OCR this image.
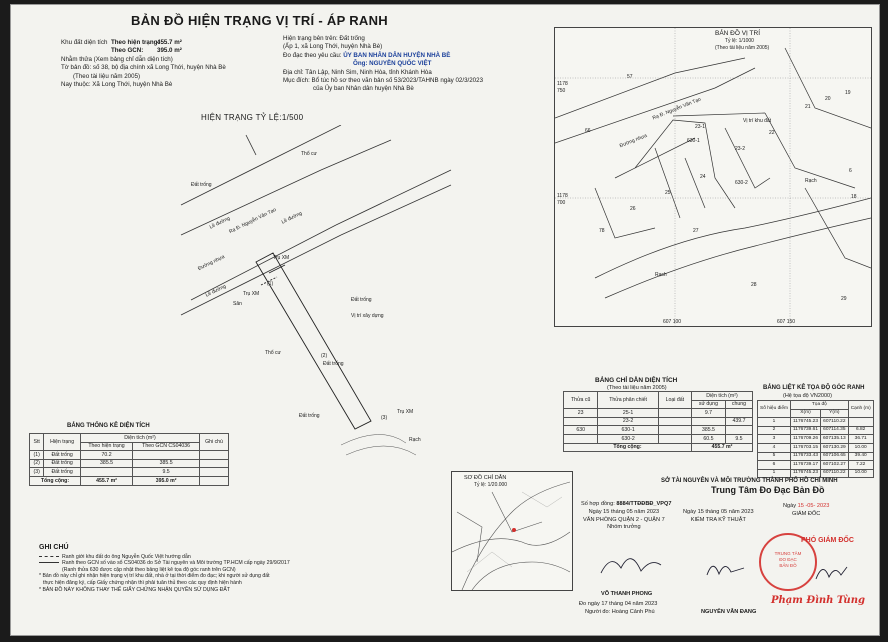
BẢN ĐỒ HIỆN TRẠNG VỊ TRÍ - ÁP RANH
Khu đất diện tích Theo hiện trạng:455.7 m²
Theo GCN: 395.0 m²
Nhằm thửa (Xem bảng chỉ dẫn diện tích)
Tờ bản đồ: số 38, bộ địa chính xã Long Thới, huyện Nhà Bè
(Theo tài liệu năm 2005)
Nay thuộc: Xã Long Thới, huyện Nhà Bè
Hiện trạng bên trên: Đất trống
(Ấp 1, xã Long Thới, huyện Nhà Bè)
Đo đạc theo yêu cầu: ỦY BAN NHÂN DÂN HUYỆN NHÀ BÈ
Ông: NGUYỄN QUỐC VIỆT
Địa chỉ: Tân Lập, Ninh Sim, Ninh Hòa, tỉnh Khánh Hòa
Mục đích: Bổ túc hồ sơ theo văn bản số 53/2023/TAHNB ngày 02/3/2023
của Ủy ban Nhân dân huyện Nhà Bè
HIỆN TRẠNG TỶ LỆ:1/500
Thổ cư
Đất trống
Lề đường
Rạ Đ. Nguyễn Văn Tạo Lề đường
Đường nhựa
Lề đường
Trụ XM
Trụ XM
Sân
Đất trống
Vị trí xây dựng
Thổ cư	(2)
Đất trống
Đất trống	(3)
Trụ XM
Rạch
(1)
BẢN ĐỒ VỊ TRÍ
Tỷ lệ: 1/1000
(Theo tài liệu năm 2005)
1178
750
1178
700
607 100	607 150
57
66
23-1
23-2
21
20
19
22
630-1
630-2
24
25
26
27
78
28
29
18
6
Rạch
Rạch
Đường nhựa
Rạ Đ. Nguyễn Văn Tạo	Vị trí khu đất
BẢNG CHỈ DẪN DIỆN TÍCH
(Theo tài liệu năm 2005)
Thửa cũ	Thửa phân chiết	Loại đất	Diện tích (m²)	
			sử dụng	chung
23	25-1		9.7	
	23-2			439.7
630	630-1		385.5	
	630-2		60.5	9.5
Tổng cộng:			455.7 m²	
BẢNG LIỆT KÊ TỌA ĐỘ GÓC RANH
(Hệ tọa độ VN2000)
Số hiệu điểm	Tọa độ		Cạnh (m)
	X(m)	Y(m)	
1	1176745.23	607110.22	
2	1176739.61	607114.35	6.82
3	1176709.26	607135.13	36.71
4	1176703.15	607130.29	10.00
5	1176733.43	607106.65	39.40
6	1176739.17	607102.27	7.22
1	1176745.23	607110.22	10.00
BẢNG THỐNG KÊ DIỆN TÍCH
Stt	Hiện trạng	Diện tích (m²)		Ghi chú
		Theo hiện trạng	Theo GCN CS04036	
(1)	Đất trống	70.2		
(2)	Đất trống	385.5	385.5	
(3)	Đất trống		9.5	
Tổng cộng:		455.7 m²	395.0 m²		SƠ ĐỒ CHỈ DẪN
Tỷ lệ: 1/20.000
SỞ TÀI NGUYÊN VÀ MÔI TRƯỜNG THÀNH PHỐ HỒ CHÍ MINH
Trung Tâm Đo Đạc Bản Đồ
Số hợp đồng: 8884/TTĐĐBĐ_VPQ7
Ngày 15 tháng 05 năm 2023
VĂN PHÒNG QUẬN 2 - QUẬN 7
Nhóm trưởng
Ngày 15 tháng 05 năm 2023
KIỂM TRA KỸ THUẬT
Ngày 15 -05- 2023
GIÁM ĐỐC
VÕ THANH PHONG
NGUYỄN VĂN ĐANG
Đo ngày 17 tháng 04 năm 2023
Người đo: Hoàng Cảnh Phú
TRUNG TÂM
ĐO ĐẠC
BẢN ĐỒ
PHÓ GIÁM ĐỐC
Phạm Đình Tùng
GHI CHÚ
Ranh giới khu đất do ông Nguyễn Quốc Việt hướng dẫn
Ranh theo GCN số vào sổ CS04036 do Sở Tài nguyên và Môi trường TP.HCM cấp ngày 29/9/2017
(Ranh thửa 630 được cập nhật theo bảng liệt kê tọa độ góc ranh trên GCN)
* Bản đồ này chỉ ghi nhận hiện trạng vị trí khu đất, nhà ở tại thời điểm đo đạc; khi người sử dụng đất
thực hiện đăng ký, cấp Giấy chứng nhận thì phải tuân thủ theo các quy định hiện hành
* BẢN ĐỒ NÀY KHÔNG THAY THẾ GIẤY CHỨNG NHẬN QUYỀN SỬ DỤNG ĐẤT
